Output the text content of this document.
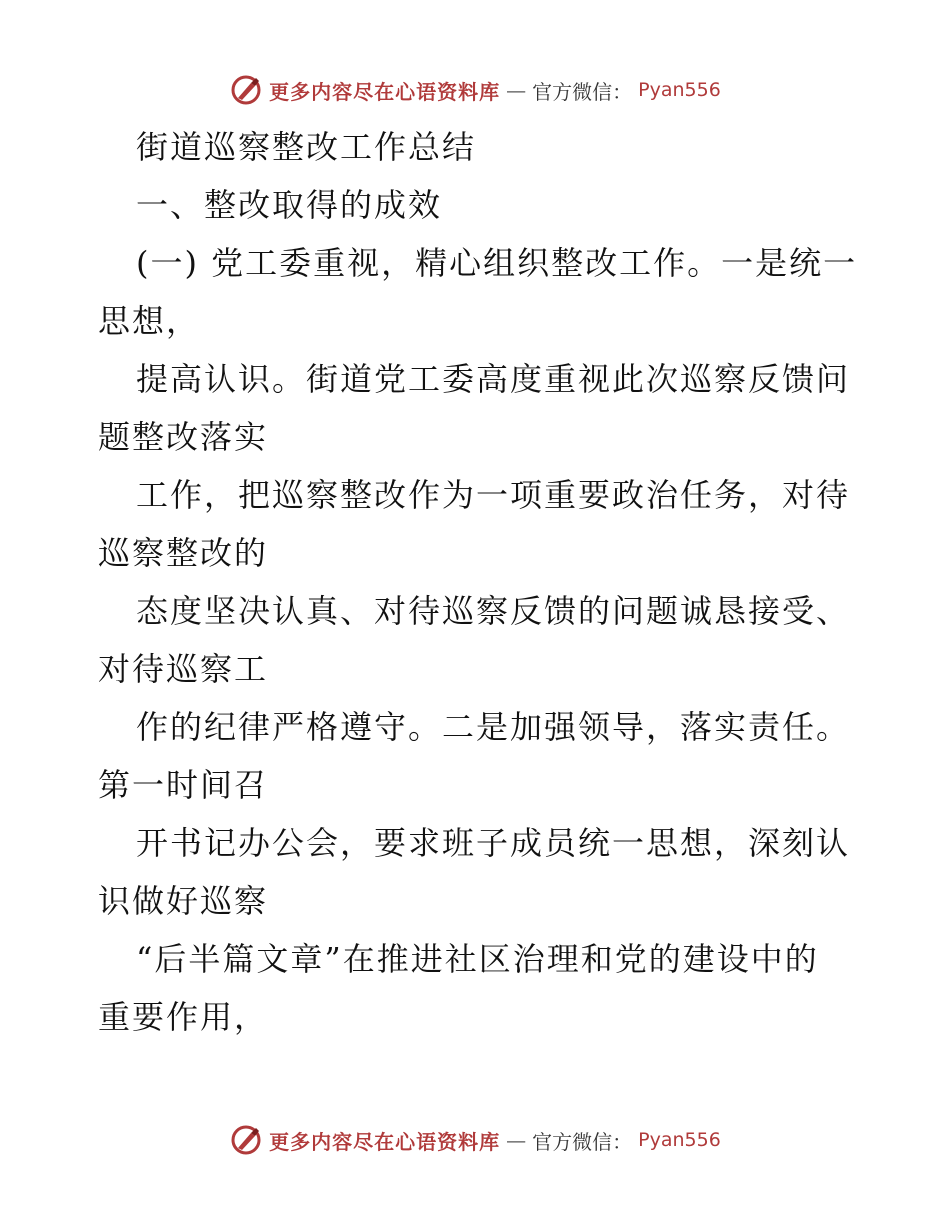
更多内容尽在心语资料库 — 官方微信： Pyan556

街道巡察整改工作总结

一、整改取得的成效

(一) 党工委重视，精心组织整改工作。一是统一

思想，

提高认识。街道党工委高度重视此次巡察反馈问

题整改落实

工作，把巡察整改作为一项重要政治任务，对待

巡察整改的

态度坚决认真、对待巡察反馈的问题诚恳接受、

对待巡察工

作的纪律严格遵守。二是加强领导，落实责任。

第一时间召

开书记办公会，要求班子成员统一思想，深刻认

识做好巡察

“后半篇文章”在推进社区治理和党的建设中的

重要作用，

更多内容尽在心语资料库 — 官方微信： Pyan556
